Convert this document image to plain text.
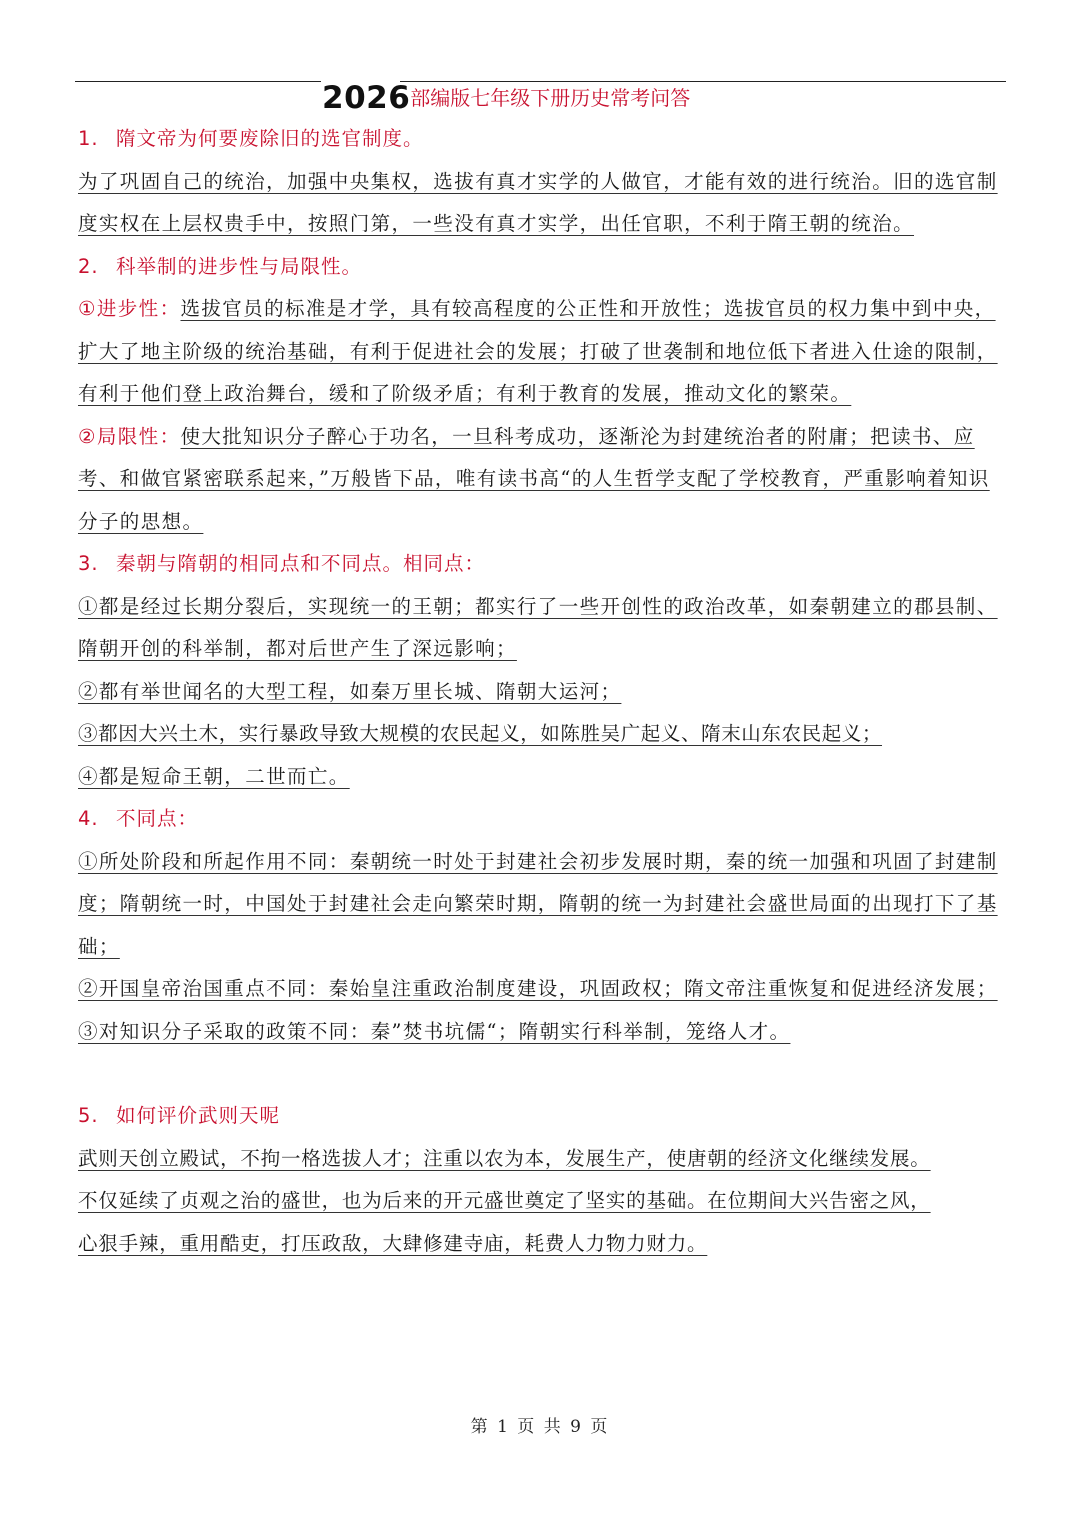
2026部编版七年级下册历史常考问答
1. 隋文帝为何要废除旧的选官制度。
为了巩固自己的统治，加强中央集权，选拔有真才实学的人做官，才能有效的进行统治。旧的选官制度实权在上层权贵手中，按照门第，一些没有真才实学，出任官职，不利于隋王朝的统治。
2. 科举制的进步性与局限性。
①进步性：选拔官员的标准是才学，具有较高程度的公正性和开放性；选拔官员的权力集中到中央，扩大了地主阶级的统治基础，有利于促进社会的发展；打破了世袭制和地位低下者进入仕途的限制，有利于他们登上政治舞台，缓和了阶级矛盾；有利于教育的发展，推动文化的繁荣。
②局限性：使大批知识分子醉心于功名，一旦科考成功，逐渐沦为封建统治者的附庸；把读书、应考、和做官紧密联系起来，”万般皆下品，唯有读书高“的人生哲学支配了学校教育，严重影响着知识分子的思想。
3. 秦朝与隋朝的相同点和不同点。相同点：
①都是经过长期分裂后，实现统一的王朝；都实行了一些开创性的政治改革，如秦朝建立的郡县制、隋朝开创的科举制，都对后世产生了深远影响；
②都有举世闻名的大型工程，如秦万里长城、隋朝大运河；
③都因大兴土木，实行暴政导致大规模的农民起义，如陈胜吴广起义、隋末山东农民起义；
④都是短命王朝，二世而亡。
4. 不同点：
①所处阶段和所起作用不同：秦朝统一时处于封建社会初步发展时期，秦的统一加强和巩固了封建制度；隋朝统一时，中国处于封建社会走向繁荣时期，隋朝的统一为封建社会盛世局面的出现打下了基础；
②开国皇帝治国重点不同：秦始皇注重政治制度建设，巩固政权；隋文帝注重恢复和促进经济发展；
③对知识分子采取的政策不同：秦”焚书坑儒“；隋朝实行科举制，笼络人才。
5. 如何评价武则天呢
武则天创立殿试，不拘一格选拔人才；注重以农为本，发展生产，使唐朝的经济文化继续发展。不仅延续了贞观之治的盛世，也为后来的开元盛世奠定了坚实的基础。在位期间大兴告密之风，心狠手辣，重用酷吏，打压政敌，大肆修建寺庙，耗费人力物力财力。
第 1 页 共 9 页
